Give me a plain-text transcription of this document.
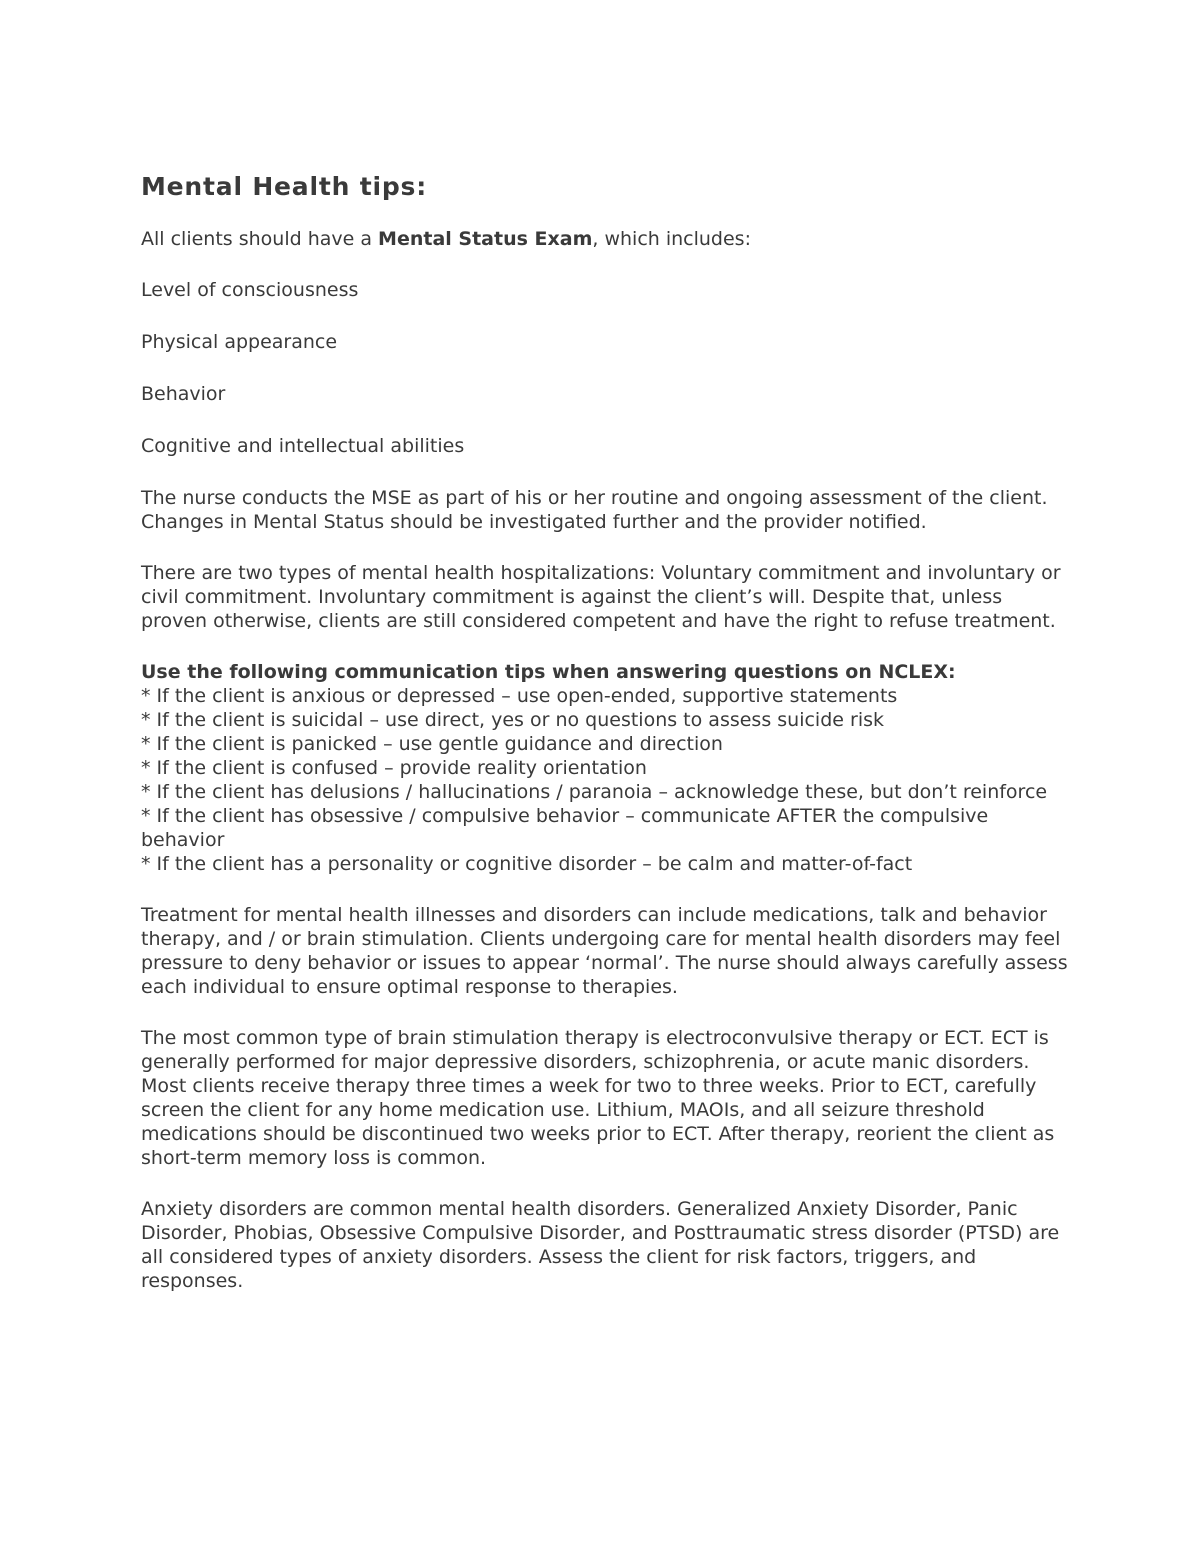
Mental Health tips:

All clients should have a Mental Status Exam, which includes:

Level of consciousness

Physical appearance

Behavior

Cognitive and intellectual abilities

The nurse conducts the MSE as part of his or her routine and ongoing assessment of the client. Changes in Mental Status should be investigated further and the provider notified.

There are two types of mental health hospitalizations: Voluntary commitment and involuntary or civil commitment. Involuntary commitment is against the client’s will. Despite that, unless proven otherwise, clients are still considered competent and have the right to refuse treatment.

Use the following communication tips when answering questions on NCLEX:
* If the client is anxious or depressed – use open-ended, supportive statements
* If the client is suicidal – use direct, yes or no questions to assess suicide risk
* If the client is panicked – use gentle guidance and direction
* If the client is confused – provide reality orientation
* If the client has delusions / hallucinations / paranoia – acknowledge these, but don’t reinforce
* If the client has obsessive / compulsive behavior – communicate AFTER the compulsive behavior
* If the client has a personality or cognitive disorder – be calm and matter-of-fact

Treatment for mental health illnesses and disorders can include medications, talk and behavior therapy, and / or brain stimulation. Clients undergoing care for mental health disorders may feel pressure to deny behavior or issues to appear ‘normal’. The nurse should always carefully assess each individual to ensure optimal response to therapies.

The most common type of brain stimulation therapy is electroconvulsive therapy or ECT. ECT is generally performed for major depressive disorders, schizophrenia, or acute manic disorders. Most clients receive therapy three times a week for two to three weeks. Prior to ECT, carefully screen the client for any home medication use. Lithium, MAOIs, and all seizure threshold medications should be discontinued two weeks prior to ECT. After therapy, reorient the client as short-term memory loss is common.

Anxiety disorders are common mental health disorders. Generalized Anxiety Disorder, Panic Disorder, Phobias, Obsessive Compulsive Disorder, and Posttraumatic stress disorder (PTSD) are all considered types of anxiety disorders. Assess the client for risk factors, triggers, and responses.
